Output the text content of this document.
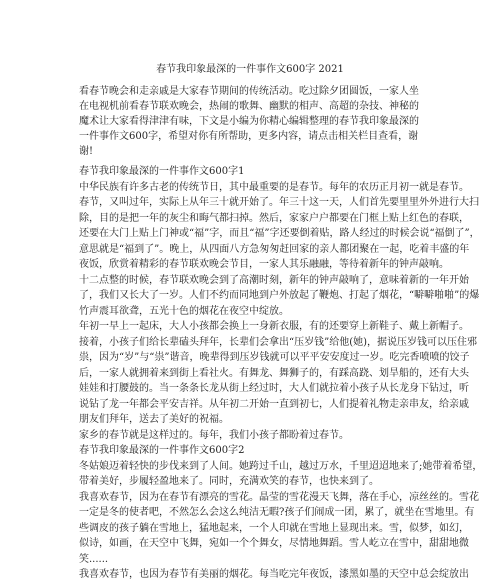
春节我印象最深的一件事作文600字 2021
看春节晚会和走亲戚是大家春节期间的传统活动。吃过除夕团圆饭，一家人坐在电视机前看春节联欢晚会，热闹的歌舞、幽默的相声、高超的杂技、神秘的魔术让大家看得津津有味，下文是小编为你精心编辑整理的春节我印象最深的一件事作文600字，希望对你有所帮助，更多内容，请点击相关栏目查看，谢谢!
春节我印象最深的一件事作文600字1
中华民族有许多古老的传统节日，其中最重要的是春节。每年的农历正月初一就是春节。
春节，又叫过年，实际上从年三十就开始了。年三十这一天，人们首先要里里外外进行大扫
除，目的是把一年的灰尘和晦气都扫掉。然后，家家户户都要在门框上贴上红色的春联，
还要在大门上贴上门神或“福”字，而且“福”字还要倒着贴，路人经过的时候会说“福倒了”，
意思就是“福到了”。晚上，从四面八方急匆匆赶回家的亲人都团聚在一起，吃着丰盛的年
夜饭，欣赏着精彩的春节联欢晚会节目，一家人其乐融融，等待着新年的钟声敲响。
十二点整的时候，春节联欢晚会到了高潮时刻，新年的钟声敲响了，意味着新的一年开始
了，我们又长大了一岁。人们不约而同地到户外放起了鞭炮、打起了烟花，“噼噼啪啪”的爆
竹声震耳欲聋，五光十色的烟花在夜空中绽放。
年初一早上一起床，大人小孩都会换上一身新衣服，有的还要穿上新鞋子、戴上新帽子。
接着，小孩子们给长辈磕头拜年，长辈们会拿出“压岁钱”给他(她)，据说压岁钱可以压住邪
祟，因为“岁”与“祟”谐音，晚辈得到压岁钱就可以平平安安度过一岁。吃完香喷喷的饺子
后，一家人就拥着来到街上看社火。有舞龙、舞狮子的，有踩高跷、划旱船的，还有大头
娃娃和打腰鼓的。当一条条长龙从街上经过时，大人们就拉着小孩子从长龙身下钻过，听
说钻了龙一年都会平安吉祥。从年初二开始一直到初七，人们提着礼物走亲串友，给亲戚
朋友们拜年，送去了美好的祝福。
家乡的春节就是这样过的。每年，我们小孩子都盼着过春节。
春节我印象最深的一件事作文600字2
冬姑娘迈着轻快的步伐来到了人间。她跨过千山，越过万水，千里迢迢地来了;她带着希望，
带着美好，步履轻盈地来了。同时，充满欢笑的春节，也快来到了。
我喜欢春节，因为在春节有漂亮的雪花。晶莹的雪花漫天飞舞，落在手心，凉丝丝的。雪花
一定是冬的使者吧，不然怎么会这么纯洁无暇?孩子们闹成一团，累了，就坐在雪地里。有
些调皮的孩子躺在雪地上，猛地起来，一个人印就在雪地上显现出来。雪，似梦，如幻，
似诗，如画，在天空中飞舞，宛如一个个舞女，尽情地舞蹈。雪人屹立在雪中，甜甜地微
笑......
我喜欢春节，也因为春节有美丽的烟花。每当吃完年夜饭，漆黑如墨的天空中总会绽放出
